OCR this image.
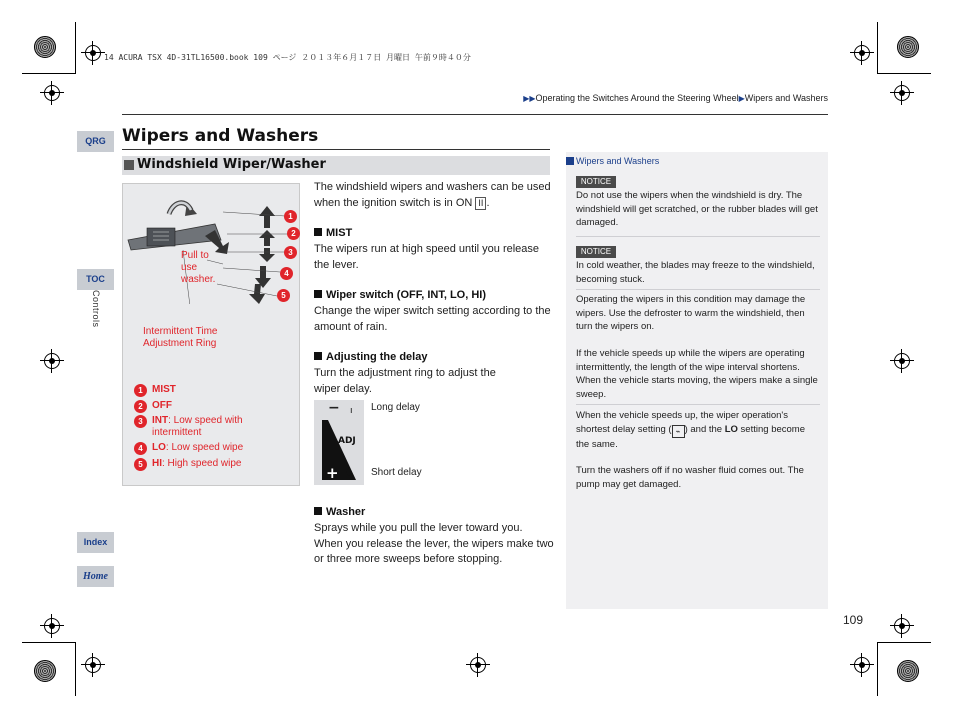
14 ACURA TSX 4D-31TL16500.book 109 ページ ２０１３年６月１７日 月曜日 午前９時４０分
QRG
TOC
Controls
Index
Home
▶▶Operating the Switches Around the Steering Wheel▶Wipers and Washers
Wipers and Washers
Windshield Wiper/Washer
1
2
3
4
5
Pull to use washer.
Intermittent Time Adjustment Ring
1 MIST
2 OFF
3 INT: Low speed with intermittent
4 LO: Low speed wipe
5 HI: High speed wipe
The windshield wipers and washers can be used when the ignition switch is in ON II .
MIST
The wipers run at high speed until you release the lever.
Wiper switch (OFF, INT, LO, HI)
Change the wiper switch setting according to the amount of rain.
Adjusting the delay
Turn the adjustment ring to adjust the wiper delay.
ı
−
ADJ
+ ♦
Long delay
Short delay
Washer
Sprays while you pull the lever toward you. When you release the lever, the wipers make two or three more sweeps before stopping.
Wipers and Washers
NOTICE
Do not use the wipers when the windshield is dry. The windshield will get scratched, or the rubber blades will get damaged.
NOTICE
In cold weather, the blades may freeze to the windshield, becoming stuck.
Operating the wipers in this condition may damage the wipers. Use the defroster to warm the windshield, then turn the wipers on.
If the vehicle speeds up while the wipers are operating intermittently, the length of the wipe interval shortens. When the vehicle starts moving, the wipers make a single sweep.
When the vehicle speeds up, the wiper operation's shortest delay setting ( ⌁ ) and the LO setting become the same.
Turn the washers off if no washer fluid comes out. The pump may get damaged.
109
